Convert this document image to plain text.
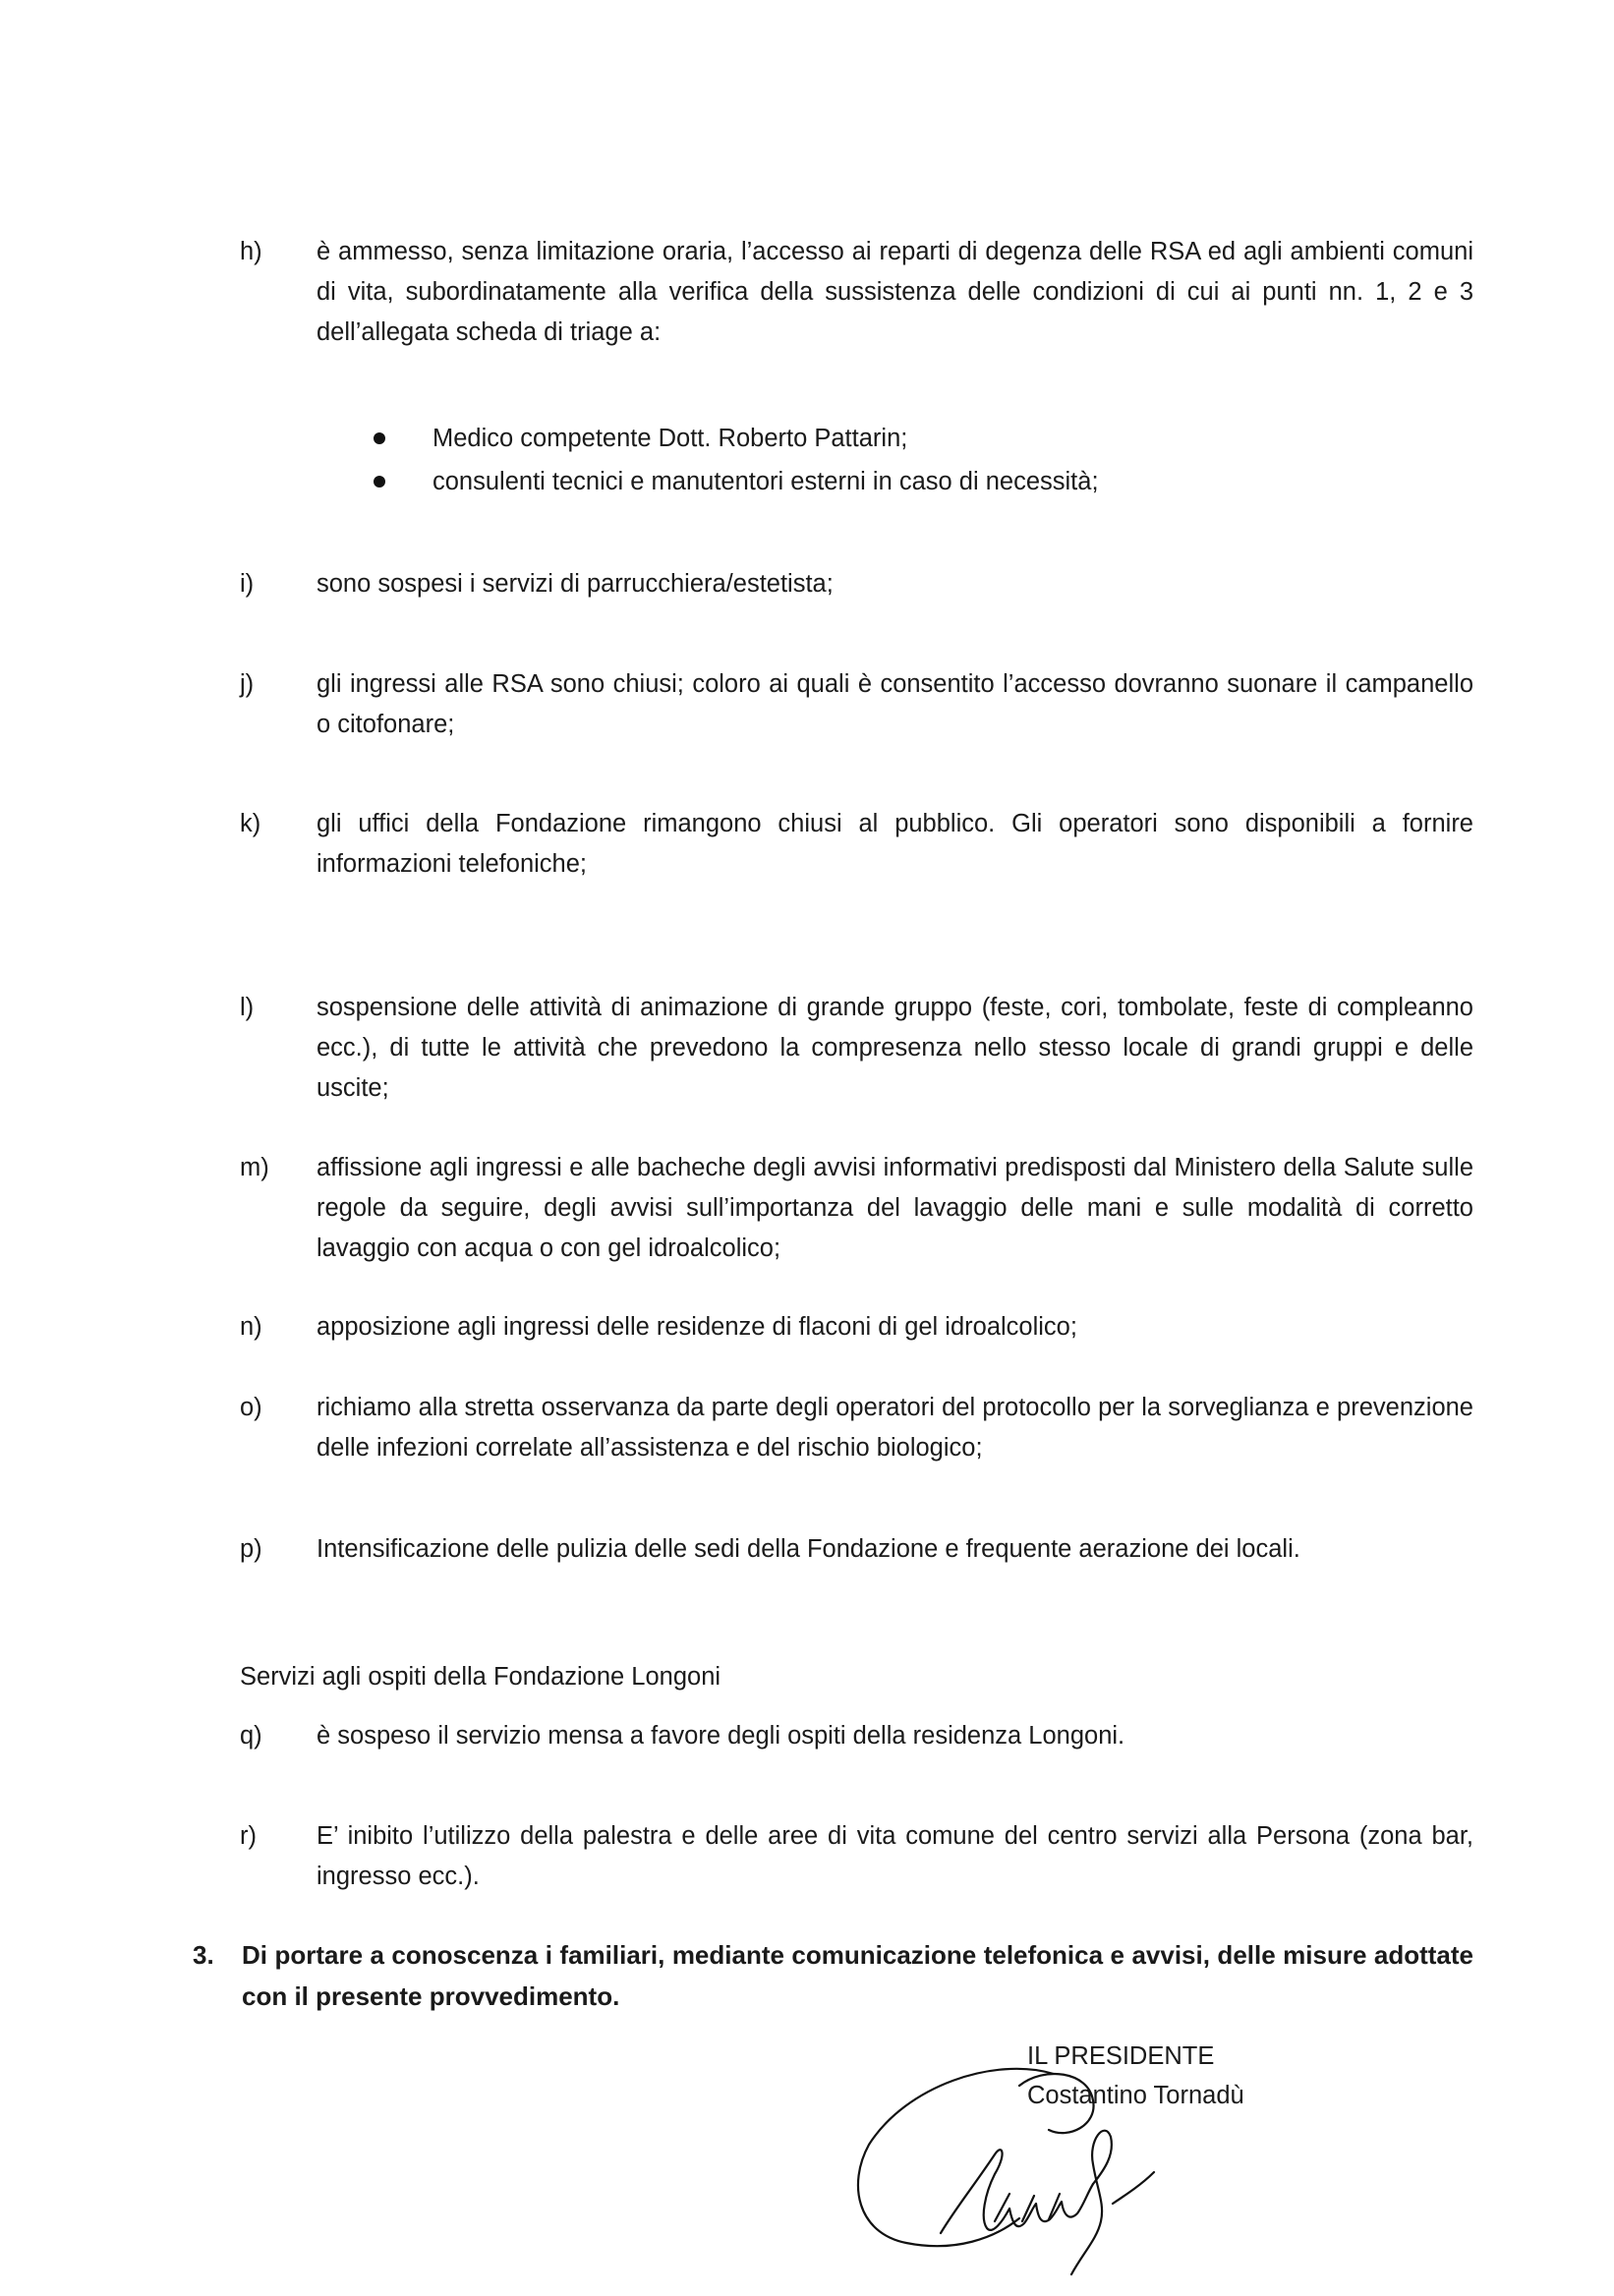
h) è ammesso, senza limitazione oraria, l’accesso ai reparti di degenza delle RSA ed agli ambienti comuni di vita, subordinatamente alla verifica della sussistenza delle condizioni di cui ai punti nn. 1, 2 e 3 dell’allegata scheda di triage a:
Medico competente Dott. Roberto Pattarin;
consulenti tecnici e manutentori esterni in caso di necessità;
i)	sono sospesi i servizi di parrucchiera/estetista;
j)	gli ingressi alle RSA sono chiusi; coloro ai quali è consentito l’accesso dovranno suonare il campanello o citofonare;
k) gli uffici della Fondazione rimangono chiusi al pubblico. Gli operatori sono disponibili a fornire informazioni telefoniche;
l)	sospensione delle attività di animazione di grande gruppo (feste, cori, tombolate, feste di compleanno ecc.), di tutte le attività che prevedono la compresenza nello stesso locale di grandi gruppi e delle uscite;
m) affissione agli ingressi e alle bacheche degli avvisi informativi predisposti dal Ministero della Salute sulle regole da seguire, degli avvisi sull’importanza del lavaggio delle mani e sulle modalità di corretto lavaggio con acqua o con gel idroalcolico;
n) apposizione agli ingressi delle residenze di flaconi di gel idroalcolico;
o) richiamo alla stretta osservanza da parte degli operatori del protocollo per la sorveglianza e prevenzione delle infezioni correlate all’assistenza e del rischio biologico;
p) Intensificazione delle pulizia delle sedi della Fondazione e frequente aerazione dei locali.
Servizi agli ospiti della Fondazione Longoni
q) è sospeso il servizio mensa a favore degli ospiti della residenza Longoni.
r) E’ inibito l’utilizzo della palestra e delle aree di vita comune del centro servizi alla Persona (zona bar, ingresso ecc.).
3. Di portare a conoscenza i familiari, mediante comunicazione telefonica e avvisi, delle misure adottate con il presente provvedimento.
IL PRESIDENTE
Costantino Tornadù
